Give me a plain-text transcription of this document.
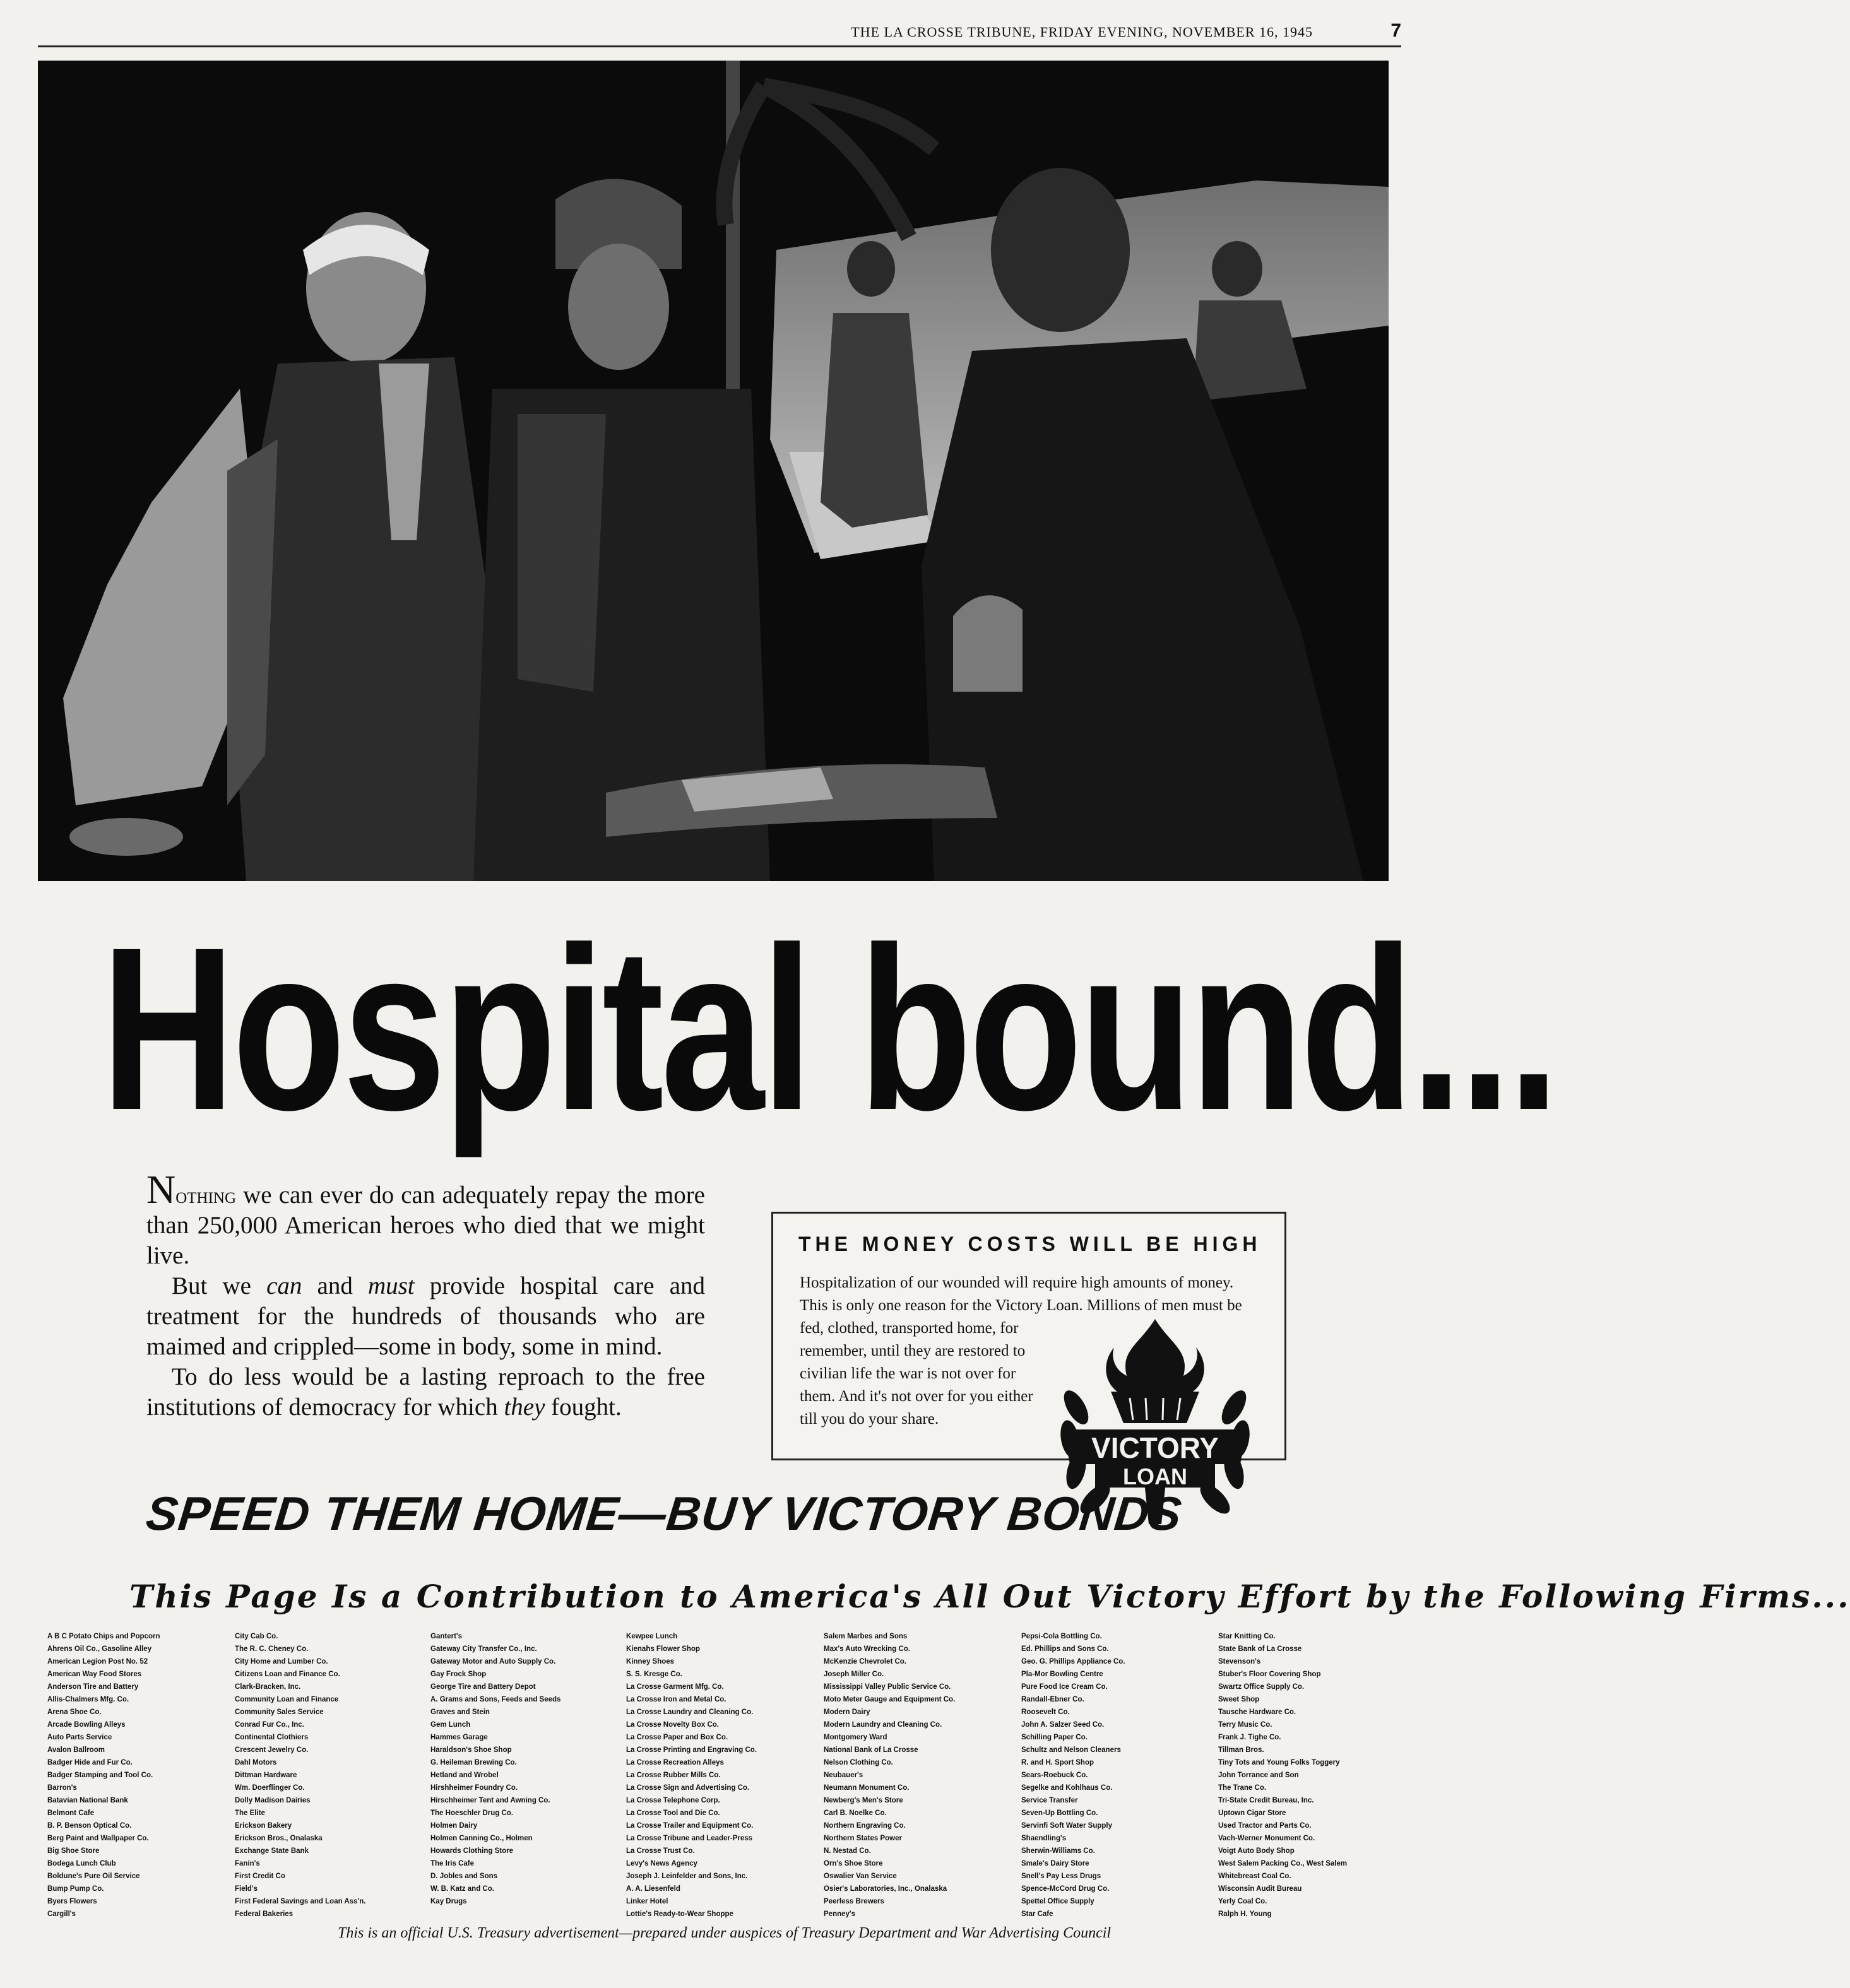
THE LA CROSSE TRIBUNE, FRIDAY EVENING, NOVEMBER 16, 1945	7
Hospital bound...

Nothing we can ever do can adequately repay the more than 250,000 American heroes who died that we might live.

But we can and must provide hospital care and treatment for the hundreds of thousands who are maimed and crippled—some in body, some in mind.

To do less would be a lasting reproach to the free institutions of democracy for which they fought.

THE MONEY COSTS WILL BE HIGH
Hospitalization of our wounded will require high amounts of money.
This is only one reason for the Victory Loan. Millions of men must be
fed, clothed, transported home, for
remember, until they are restored to
civilian life the war is not over for
them. And it's not over for you either
till you do your share.
VICTORY
LOAN
SPEED THEM HOME—BUY VICTORY BONDS
This Page Is a Contribution to America's All Out Victory Effort by the Following Firms...
A B C Potato Chips and Popcorn
Ahrens Oil Co., Gasoline Alley
American Legion Post No. 52
American Way Food Stores
Anderson Tire and Battery
Allis-Chalmers Mfg. Co.
Arena Shoe Co.
Arcade Bowling Alleys
Auto Parts Service
Avalon Ballroom
Badger Hide and Fur Co.
Badger Stamping and Tool Co.
Barron's
Batavian National Bank
Belmont Cafe
B. P. Benson Optical Co.
Berg Paint and Wallpaper Co.
Big Shoe Store
Bodega Lunch Club
Boldune's Pure Oil Service
Bump Pump Co.
Byers Flowers
Cargill's
City Cab Co.
The R. C. Cheney Co.
City Home and Lumber Co.
Citizens Loan and Finance Co.
Clark-Bracken, Inc.
Community Loan and Finance
Community Sales Service
Conrad Fur Co., Inc.
Continental Clothiers
Crescent Jewelry Co.
Dahl Motors
Dittman Hardware
Wm. Doerflinger Co.
Dolly Madison Dairies
The Elite
Erickson Bakery
Erickson Bros., Onalaska
Exchange State Bank
Fanin's
First Credit Co
Field's
First Federal Savings and Loan Ass'n.
Federal Bakeries
Gantert's
Gateway City Transfer Co., Inc.
Gateway Motor and Auto Supply Co.
Gay Frock Shop
George Tire and Battery Depot
A. Grams and Sons, Feeds and Seeds
Graves and Stein
Gem Lunch
Hammes Garage
Haraldson's Shoe Shop
G. Heileman Brewing Co.
Hetland and Wrobel
Hirshheimer Foundry Co.
Hirschheimer Tent and Awning Co.
The Hoeschler Drug Co.
Holmen Dairy
Holmen Canning Co., Holmen
Howards Clothing Store
The Iris Cafe
D. Jobles and Sons
W. B. Katz and Co.
Kay Drugs
Kewpee Lunch
Kienahs Flower Shop
Kinney Shoes
S. S. Kresge Co.
La Crosse Garment Mfg. Co.
La Crosse Iron and Metal Co.
La Crosse Laundry and Cleaning Co.
La Crosse Novelty Box Co.
La Crosse Paper and Box Co.
La Crosse Printing and Engraving Co.
La Crosse Recreation Alleys
La Crosse Rubber Mills Co.
La Crosse Sign and Advertising Co.
La Crosse Telephone Corp.
La Crosse Tool and Die Co.
La Crosse Trailer and Equipment Co.
La Crosse Tribune and Leader-Press
La Crosse Trust Co.
Levy's News Agency
Joseph J. Leinfelder and Sons, Inc.
A. A. Liesenfeld
Linker Hotel
Lottie's Ready-to-Wear Shoppe
Salem Marbes and Sons
Max's Auto Wrecking Co.
McKenzie Chevrolet Co.
Joseph Miller Co.
Mississippi Valley Public Service Co.
Moto Meter Gauge and Equipment Co.
Modern Dairy
Modern Laundry and Cleaning Co.
Montgomery Ward
National Bank of La Crosse
Nelson Clothing Co.
Neubauer's
Neumann Monument Co.
Newberg's Men's Store
Carl B. Noelke Co.
Northern Engraving Co.
Northern States Power
N. Nestad Co.
Orn's Shoe Store
Oswalier Van Service
Osier's Laboratories, Inc., Onalaska
Peerless Brewers
Penney's
Pepsi-Cola Bottling Co.
Ed. Phillips and Sons Co.
Geo. G. Phillips Appliance Co.
Pla-Mor Bowling Centre
Pure Food Ice Cream Co.
Randall-Ebner Co.
Roosevelt Co.
John A. Salzer Seed Co.
Schilling Paper Co.
Schultz and Nelson Cleaners
R. and H. Sport Shop
Sears-Roebuck Co.
Segelke and Kohlhaus Co.
Service Transfer
Seven-Up Bottling Co.
Servinfi Soft Water Supply
Shaendling's
Sherwin-Williams Co.
Smale's Dairy Store
Snell's Pay Less Drugs
Spence-McCord Drug Co.
Spettel Office Supply
Star Cafe
Star Knitting Co.
State Bank of La Crosse
Stevenson's
Stuber's Floor Covering Shop
Swartz Office Supply Co.
Sweet Shop
Tausche Hardware Co.
Terry Music Co.
Frank J. Tighe Co.
Tillman Bros.
Tiny Tots and Young Folks Toggery
John Torrance and Son
The Trane Co.
Tri-State Credit Bureau, Inc.
Uptown Cigar Store
Used Tractor and Parts Co.
Vach-Werner Monument Co.
Voigt Auto Body Shop
West Salem Packing Co., West Salem
Whitebreast Coal Co.
Wisconsin Audit Bureau
Yerly Coal Co.
Ralph H. Young
This is an official U.S. Treasury advertisement—prepared under auspices of Treasury Department and War Advertising Council
